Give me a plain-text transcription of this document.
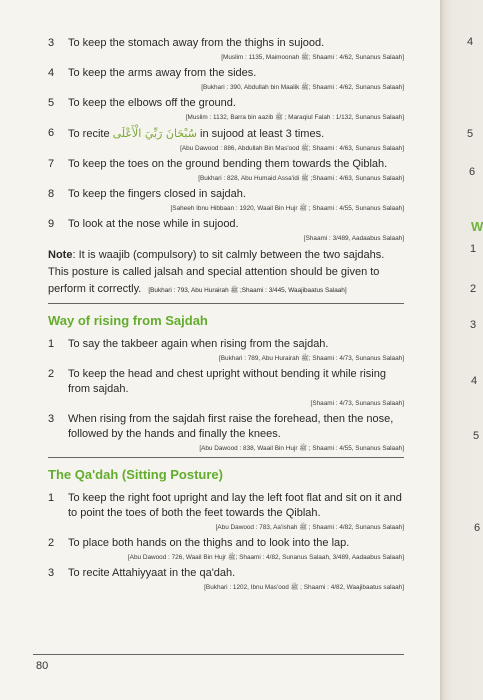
3	To keep the stomach away from the thighs in sujood.
[Muslim : 1135, Maimoonah ﷺ; Shaami : 4/62, Sunanus Salaah]
4	To keep the arms away from the sides.
[Bukhari : 390, Abdullah bin Maalik ﷺ; Shaami : 4/62, Sunanus Salaah]
5	To keep the elbows off the ground.
[Muslim : 1132, Barra bin aazib ﷺ ; Maraqiul Falah : 1/132, Sunanus Salaah]
6	To recite سُبْحَانَ رَبِّيَ الْأَعْلَى in sujood at least 3 times.
[Abu Dawood : 886, Abdullah Bin Mas'ood ﷺ; Shaami : 4/63, Sunanus Salaah]
7	To keep the toes on the ground bending them towards the Qiblah.
[Bukhari : 828, Abu Humaid Assa'idi ﷺ ;Shaami : 4/63, Sunanus Salaah]
8	To keep the fingers closed in sajdah.
[Saheeh Ibnu Hibbaan : 1920, Waail Bin Hujr ﷺ ; Shaami : 4/55, Sunanus Salaah]
9	To look at the nose while in sujood.
[Shaami : 3/489, Aadaabus Salaah]
Note: It is waajib (compulsory) to sit calmly between the two sajdahs. This posture is called jalsah and special attention should be given to perform it correctly. [Bukhari : 793, Abu Hurairah ﷺ ;Shaami : 3/445, Waajibaatus Salaah]
Way of rising from Sajdah
1	To say the takbeer again when rising from the sajdah.
[Bukhari : 789, Abu Hurairah ﷺ; Shaami : 4/73, Sunanus Salaah]
2	To keep the head and chest upright without bending it while rising from sajdah.
[Shaami : 4/73, Sunanus Salaah]
3	When rising from the sajdah first raise the forehead, then the nose, followed by the hands and finally the knees.
[Abu Dawood : 838, Waail Bin Hujr ﷺ ; Shaami : 4/55, Sunanus Salaah]
The Qa'dah (Sitting Posture)
1	To keep the right foot upright and lay the left foot flat and sit on it and to point the toes of both the feet towards the Qiblah.
[Abu Dawood : 783, Aa'ishah ﷺ ; Shaami : 4/82, Sunanus Salaah]
2	To place both hands on the thighs and to look into the lap.
[Abu Dawood : 726, Waail Bin Hujr ﷺ; Shaami : 4/82, Sunanus Salaah, 3/489, Aadaabus Salaah]
3	To recite Attahiyyaat in the qa'dah.
[Bukhari : 1202, Ibnu Mas'ood ﷺ ; Shaami : 4/82, Waajibaatus salaah]
80
4
5
6
W
1
2
3
4
5
6
